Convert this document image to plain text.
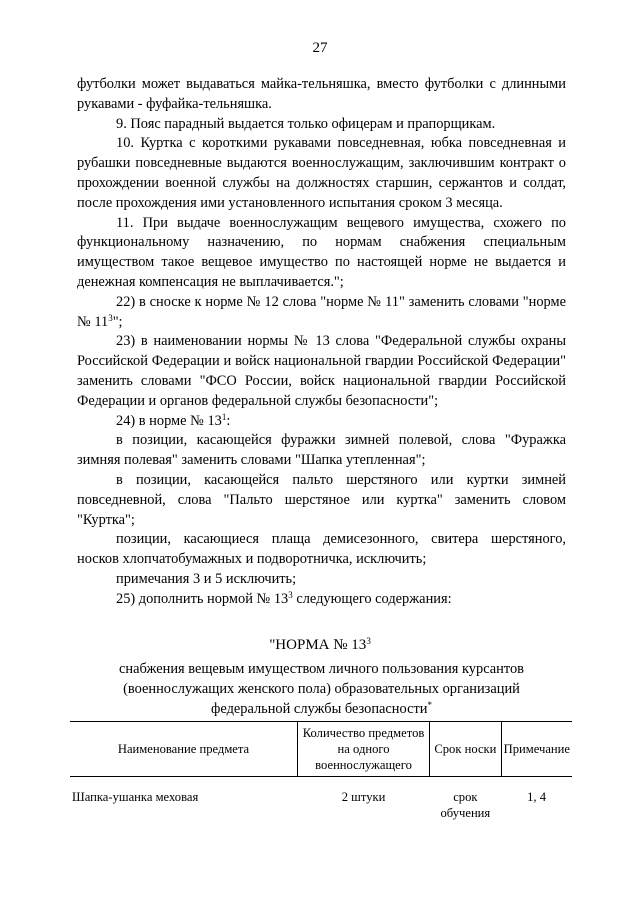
27

футболки может выдаваться майка-тельняшка, вместо футболки с длинными рукавами - фуфайка-тельняшка.

9. Пояс парадный выдается только офицерам и прапорщикам.

10. Куртка с короткими рукавами повседневная, юбка повседневная и рубашки повседневные выдаются военнослужащим, заключившим контракт о прохождении военной службы на должностях старшин, сержантов и солдат, после прохождения ими установленного испытания сроком 3 месяца.

11. При выдаче военнослужащим вещевого имущества, схожего по функциональному назначению, по нормам снабжения специальным имуществом такое вещевое имущество по настоящей норме не выдается и денежная компенсация не выплачивается.";

22) в сноске к норме № 12 слова "норме № 11" заменить словами "норме № $11^3$";

23) в наименовании нормы № 13 слова "Федеральной службы охраны Российской Федерации и войск национальной гвардии Российской Федерации" заменить словами "ФСО России, войск национальной гвардии Российской Федерации и органов федеральной службы безопасности";

24) в норме № $13^1$:

в позиции, касающейся фуражки зимней полевой, слова "Фуражка зимняя полевая" заменить словами "Шапка утепленная";

в позиции, касающейся пальто шерстяного или куртки зимней повседневной, слова "Пальто шерстяное или куртка" заменить словом "Куртка";

позиции, касающиеся плаща демисезонного, свитера шерстяного, носков хлопчатобумажных и подворотничка, исключить;

примечания 3 и 5 исключить;

25) дополнить нормой № $13^3$ следующего содержания:

"НОРМА № $13^3$

снабжения вещевым имуществом личного пользования курсантов

(военнослужащих женского пола) образовательных организаций

федеральной службы безопасности*

Наименование предмета	Количество предметов на одного военнослужащего	Срок носки	Примечание
Шапка-ушанка меховая	2 штуки	срок обучения	1, 4
